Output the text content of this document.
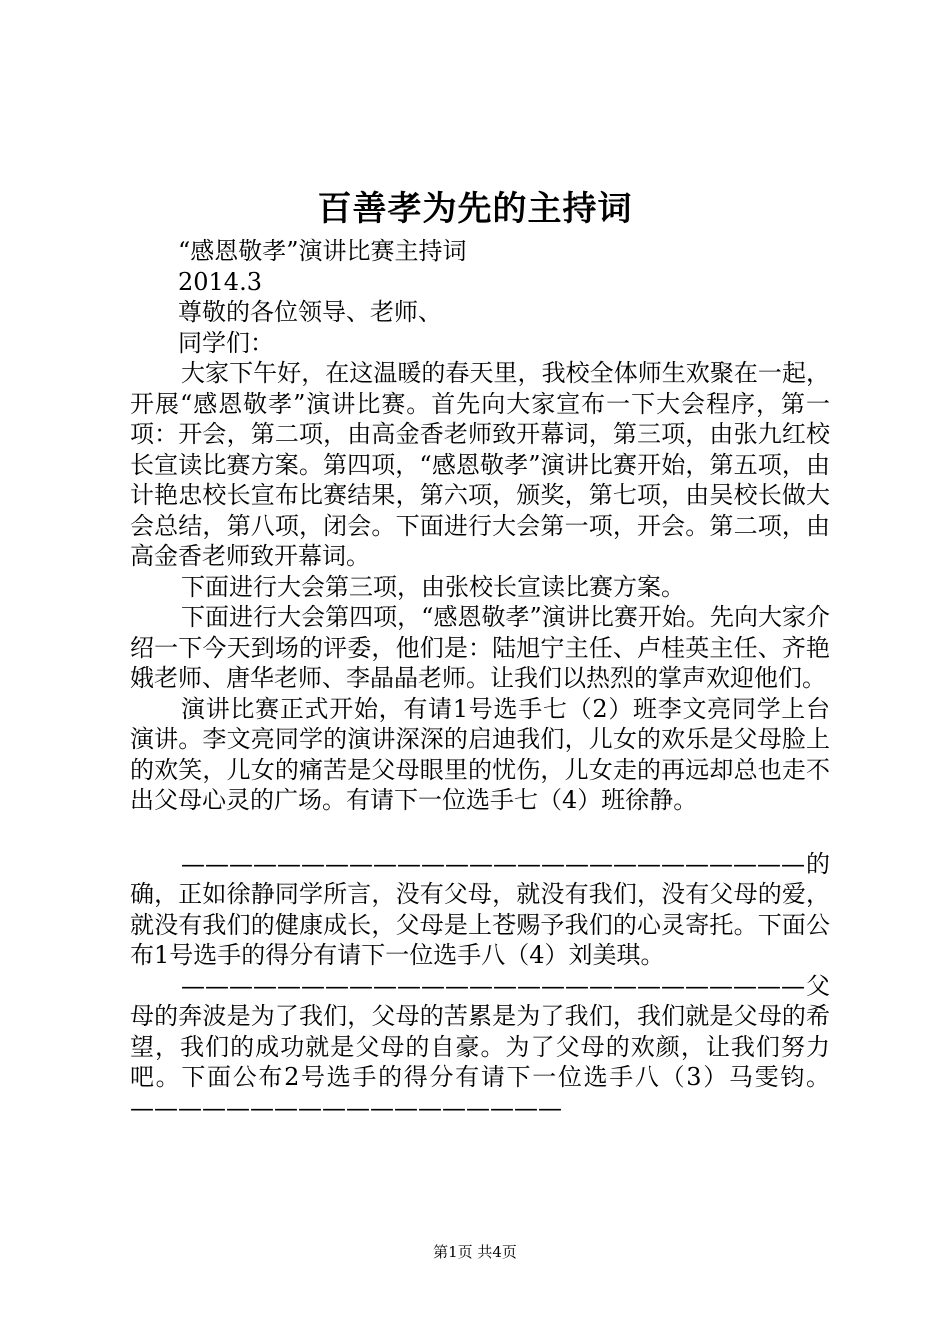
百善孝为先的主持词

“感恩敬孝”演讲比赛主持词

2014.3

尊敬的各位领导、老师、

同学们：

大家下午好，在这温暖的春天里，我校全体师生欢聚在一起，开展“感恩敬孝”演讲比赛。首先向大家宣布一下大会程序，第一项：开会，第二项，由高金香老师致开幕词，第三项，由张九红校长宣读比赛方案。第四项，“感恩敬孝”演讲比赛开始，第五项，由计艳忠校长宣布比赛结果，第六项，颁奖，第七项，由吴校长做大会总结，第八项，闭会。下面进行大会第一项，开会。第二项，由高金香老师致开幕词。

下面进行大会第三项，由张校长宣读比赛方案。

下面进行大会第四项，“感恩敬孝”演讲比赛开始。先向大家介绍一下今天到场的评委，他们是：陆旭宁主任、卢桂英主任、齐艳娥老师、唐华老师、李晶晶老师。让我们以热烈的掌声欢迎他们。

演讲比赛正式开始，有请1号选手七（2）班李文亮同学上台演讲。李文亮同学的演讲深深的启迪我们，儿女的欢乐是父母脸上的欢笑，儿女的痛苦是父母眼里的忧伤，儿女走的再远却总也走不出父母心灵的广场。有请下一位选手七（4）班徐静。

——————————————————————————的确，正如徐静同学所言，没有父母，就没有我们，没有父母的爱，就没有我们的健康成长，父母是上苍赐予我们的心灵寄托。下面公布1号选手的得分有请下一位选手八（4）刘美琪。

——————————————————————————父母的奔波是为了我们，父母的苦累是为了我们，我们就是父母的希望，我们的成功就是父母的自豪。为了父母的欢颜，让我们努力吧。下面公布2号选手的得分有请下一位选手八（3）马雯钧。——————————————————

第1页 共4页
